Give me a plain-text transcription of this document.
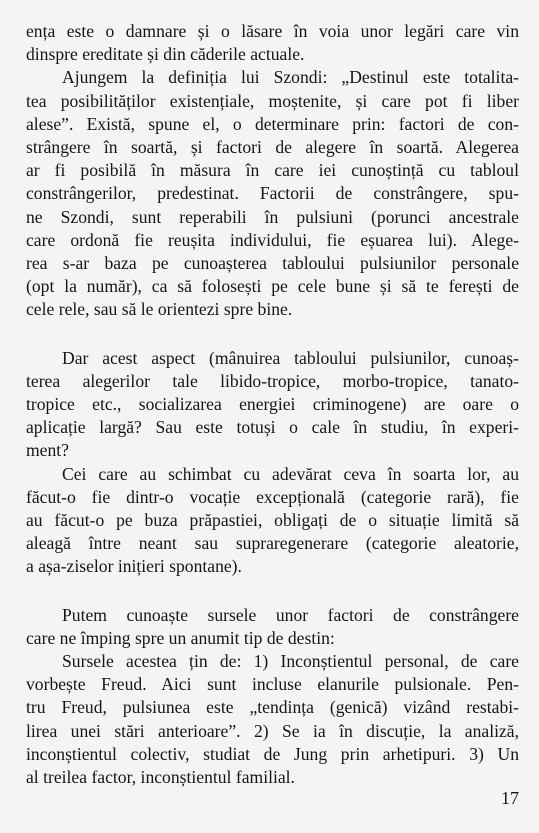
ența este o damnare și o lăsare în voia unor legări care vin
dinspre ereditate și din căderile actuale.

Ajungem la definiția lui Szondi: „Destinul este totalita-
tea posibilităților existențiale, moștenite, și care pot fi liber
alese”. Există, spune el, o determinare prin: factori de con-
strângere în soartă, și factori de alegere în soartă. Alegerea
ar fi posibilă în măsura în care iei cunoștință cu tabloul
constrângerilor, predestinat. Factorii de constrângere, spu-
ne Szondi, sunt reperabili în pulsiuni (porunci ancestrale
care ordonă fie reușita individului, fie eșuarea lui). Alege-
rea s-ar baza pe cunoașterea tabloului pulsiunilor personale
(opt la număr), ca să folosești pe cele bune și să te ferești de
cele rele, sau să le orientezi spre bine.

Dar acest aspect (mânuirea tabloului pulsiunilor, cunoaș-
terea alegerilor tale libido-tropice, morbo-tropice, tanato-
tropice etc., socializarea energiei criminogene) are oare o
aplicație largă? Sau este totuși o cale în studiu, în experi-
ment?

Cei care au schimbat cu adevărat ceva în soarta lor, au
făcut-o fie dintr-o vocație excepțională (categorie rară), fie
au făcut-o pe buza prăpastiei, obligați de o situație limită să
aleagă între neant sau supraregenerare (categorie aleatorie,
a așa-ziselor inițieri spontane).

Putem cunoaște sursele unor factori de constrângere
care ne împing spre un anumit tip de destin:

Sursele acestea țin de: 1) Inconștientul personal, de care
vorbește Freud. Aici sunt incluse elanurile pulsionale. Pen-
tru Freud, pulsiunea este „tendința (genică) vizând restabi-
lirea unei stări anterioare”. 2) Se ia în discuție, la analiză,
inconștientul colectiv, studiat de Jung prin arhetipuri. 3) Un
al treilea factor, inconștientul familial.

17
